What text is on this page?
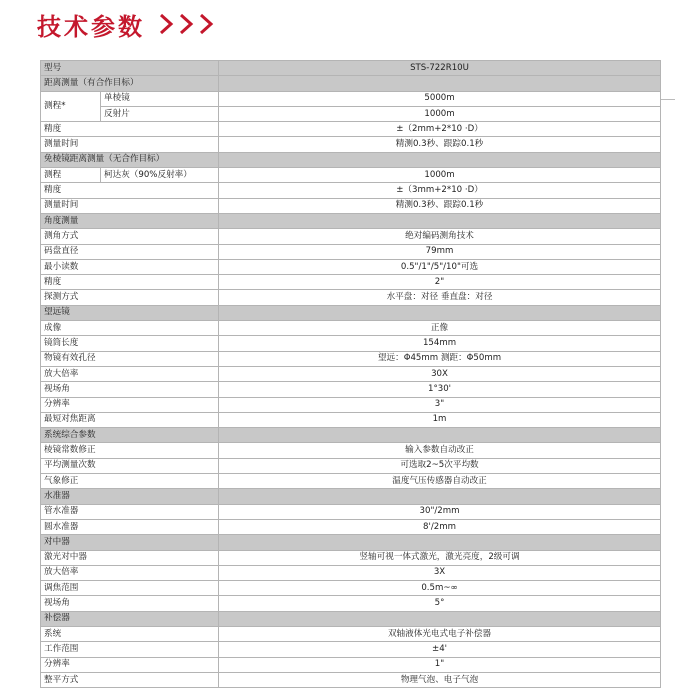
技术参数
型号		STS-722R10U
距离测量（有合作目标）		
测程*	单棱镜	5000m
	反射片	1000m
精度		±（2mm+2*10 ·D）
测量时间		精测0.3秒、跟踪0.1秒
免棱镜距离测量（无合作目标）		
测程	柯达灰（90%反射率）	1000m
精度		±（3mm+2*10 ·D）
测量时间		精测0.3秒、跟踪0.1秒
角度测量		
测角方式		绝对编码测角技术
码盘直径		79mm
最小读数		0.5"/1"/5"/10"可选
精度		2"
探测方式		水平盘：对径 垂直盘：对径
望远镜		
成像		正像
镜筒长度		154mm
物镜有效孔径		望远：Φ45mm 测距：Φ50mm
放大倍率		30X
视场角		1°30'
分辨率		3"
最短对焦距离		1m
系统综合参数		
棱镜常数修正		输入参数自动改正
平均测量次数		可选取2~5次平均数
气象修正		温度气压传感器自动改正
水准器		
管水准器		30"/2mm
圆水准器		8'/2mm
对中器		
激光对中器		竖轴可视一体式激光，激光亮度，2级可调
放大倍率		3X
调焦范围		0.5m~∞
视场角		5°
补偿器		
系统		双轴液体光电式电子补偿器
工作范围		±4'
分辨率		1"
整平方式		物理气泡、电子气泡
